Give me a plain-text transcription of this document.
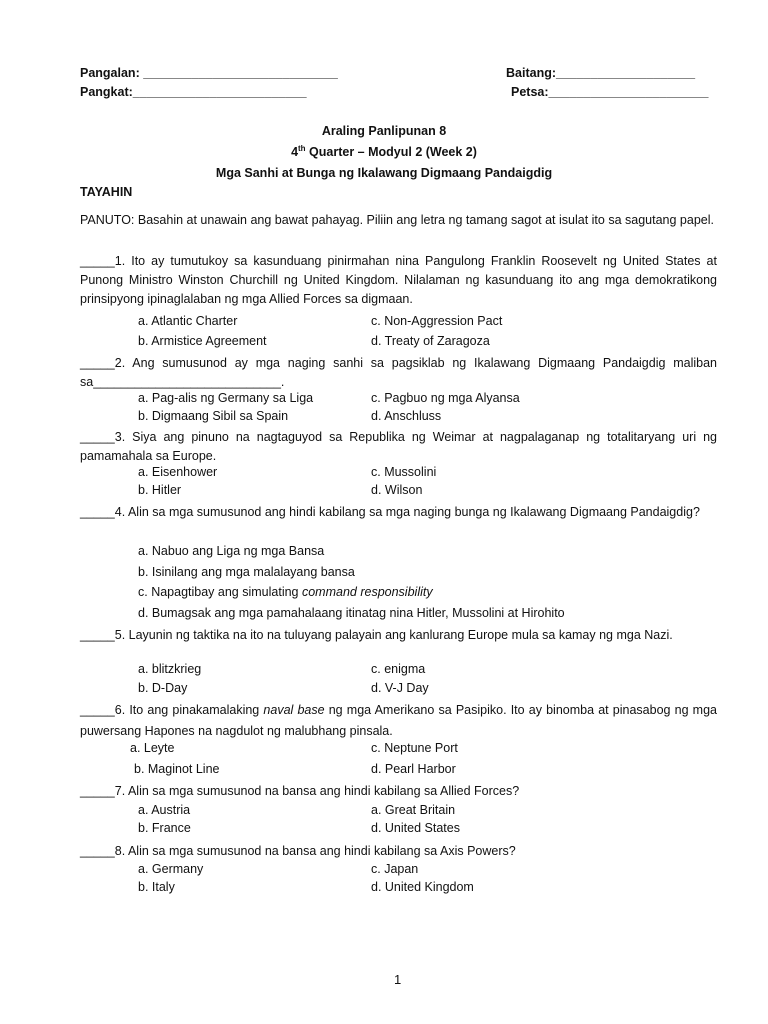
Pangalan: ____________________________	Baitang:____________________
Pangkat:_________________________	Petsa:_______________________
Araling Panlipunan 8
4th Quarter – Modyul 2 (Week 2)
Mga Sanhi at Bunga ng Ikalawang Digmaang Pandaigdig
TAYAHIN
PANUTO: Basahin at unawain ang bawat pahayag. Piliin ang letra ng tamang sagot at isulat ito sa sagutang papel.
_____1. Ito ay tumutukoy sa kasunduang pinirmahan nina Pangulong Franklin Roosevelt ng United States at Punong Ministro Winston Churchill ng United Kingdom. Nilalaman ng kasunduang ito ang mga demokratikong prinsipyong ipinaglalaban ng mga Allied Forces sa digmaan.
a. Atlantic Charter	c. Non-Aggression Pact
b. Armistice Agreement	d. Treaty of Zaragoza
_____2. Ang sumusunod ay mga naging sanhi sa pagsiklab ng Ikalawang Digmaang Pandaigdig maliban sa___________________________.
a. Pag-alis ng Germany sa Liga	c. Pagbuo ng mga Alyansa
b. Digmaang Sibil sa Spain	d. Anschluss
_____3. Siya ang pinuno na nagtaguyod sa Republika ng Weimar at nagpalaganap ng totalitaryang uri ng pamamahala sa Europe.
a. Eisenhower	c. Mussolini
b. Hitler	d. Wilson
_____4. Alin sa mga sumusunod ang hindi kabilang sa mga naging bunga ng Ikalawang Digmaang Pandaigdig?
a. Nabuo ang Liga ng mga Bansa
b. Isinilang ang mga malalayang bansa
c. Napagtibay ang simulating command responsibility
d. Bumagsak ang mga pamahalaang itinatag nina Hitler, Mussolini at Hirohito
_____5. Layunin ng taktika na ito na tuluyang palayain ang kanlurang Europe mula sa kamay ng mga Nazi.
a. blitzkrieg	c. enigma
b. D-Day	d. V-J Day
_____6. Ito ang pinakamalaking naval base ng mga Amerikano sa Pasipiko. Ito ay binomba at pinasabog ng mga puwersang Hapones na nagdulot ng malubhang pinsala.
a. Leyte	c. Neptune Port
b. Maginot Line	d. Pearl Harbor
_____7. Alin sa mga sumusunod na bansa ang hindi kabilang sa Allied Forces?
a. Austria	a. Great Britain
b. France	d. United States
_____8. Alin sa mga sumusunod na bansa ang hindi kabilang sa Axis Powers?
a. Germany	c. Japan
b. Italy	d. United Kingdom
1
